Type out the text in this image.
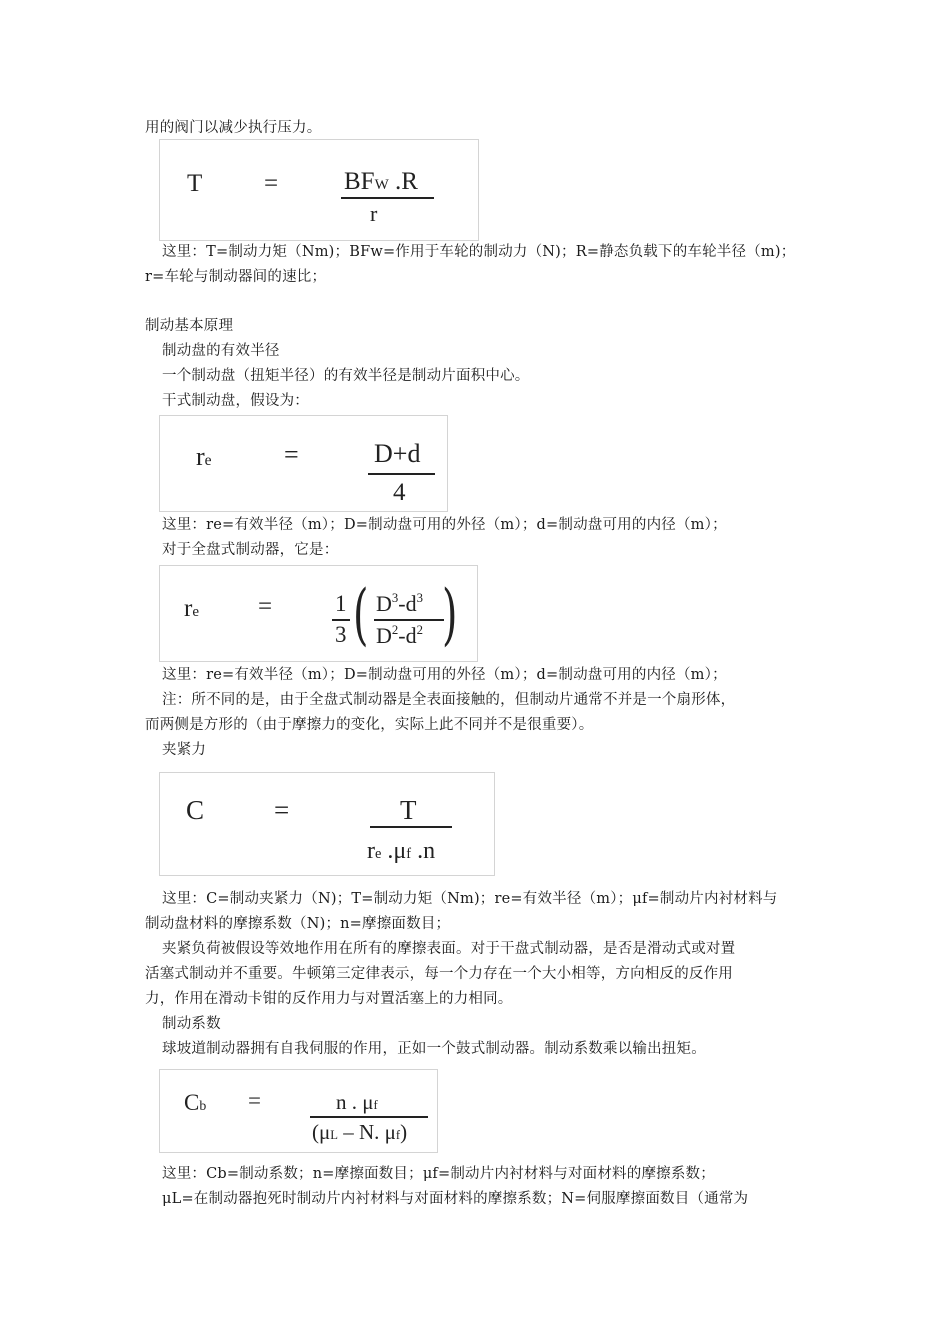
用的阀门以减少执行压力。
T =	BFW .R
r
这里：T=制动力矩（Nm)；BFw=作用于车轮的制动力（N)；R=静态负载下的车轮半径（m)；
r=车轮与制动器间的速比；
制动基本原理
制动盘的有效半径
一个制动盘（扭矩半径）的有效半径是制动片面积中心。
干式制动盘，假设为：
re	=	D+d
4
这里：re=有效半径（m）；D=制动盘可用的外径（m）；d=制动盘可用的内径（m）；
对于全盘式制动器，它是：
re =	1
3 ( $D^3-d^3$
$D^2-d^2$ )
这里：re=有效半径（m）；D=制动盘可用的外径（m）；d=制动盘可用的内径（m）；
注：所不同的是，由于全盘式制动器是全表面接触的，但制动片通常不并是一个扇形体，
而两侧是方形的（由于摩擦力的变化，实际上此不同并不是很重要）。
夹紧力
C	=	T
re .μf .n
这里：C=制动夹紧力（N)；T=制动力矩（Nm)；re=有效半径（m）；μf=制动片内衬材料与
制动盘材料的摩擦系数（N)；n=摩擦面数目；
夹紧负荷被假设等效地作用在所有的摩擦表面。对于干盘式制动器，是否是滑动式或对置
活塞式制动并不重要。牛顿第三定律表示，每一个力存在一个大小相等，方向相反的反作用
力，作用在滑动卡钳的反作用力与对置活塞上的力相同。
制动系数
球坡道制动器拥有自我伺服的作用，正如一个鼓式制动器。制动系数乘以输出扭矩。
Cb =	n . μf
(μL – N. μf)
这里：Cb=制动系数；n=摩擦面数目；μf=制动片内衬材料与对面材料的摩擦系数；
μL=在制动器抱死时制动片内衬材料与对面材料的摩擦系数；N=伺服摩擦面数目（通常为
